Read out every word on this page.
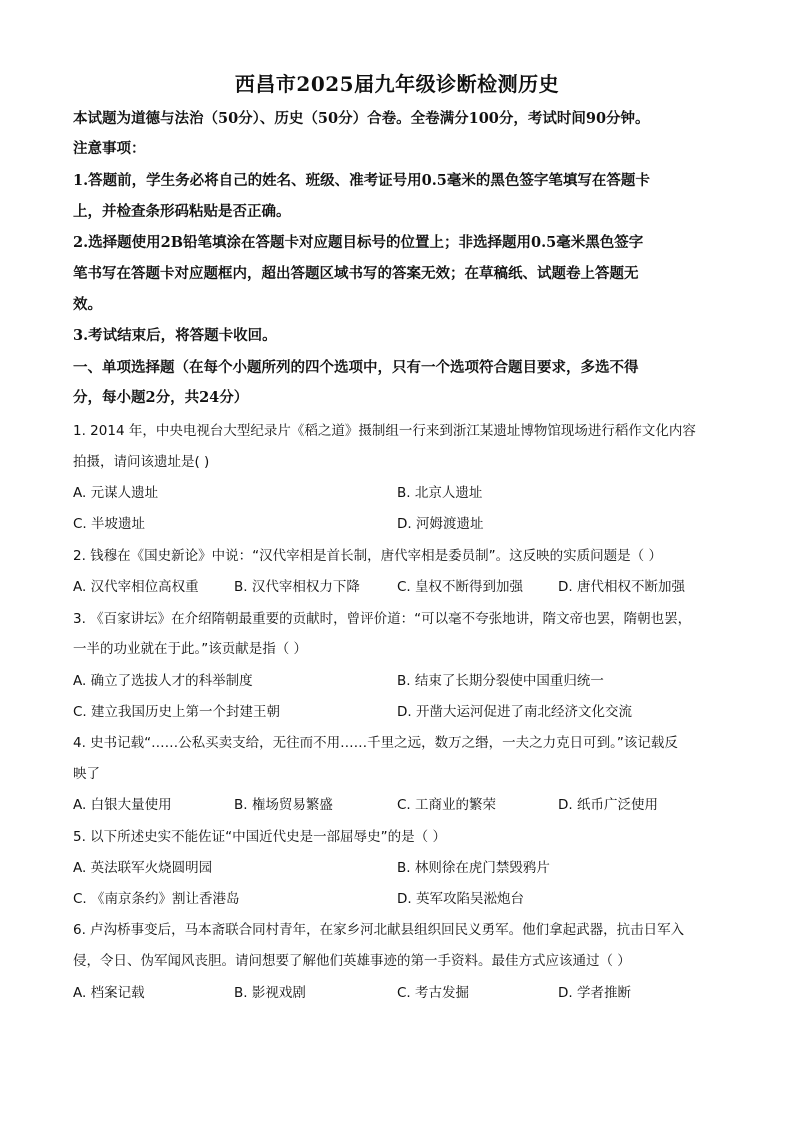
西昌市2025届九年级诊断检测历史
本试题为道德与法治（50分）、历史（50分）合卷。全卷满分100分，考试时间90分钟。
注意事项：
1.答题前，学生务必将自己的姓名、班级、准考证号用0.5毫米的黑色签字笔填写在答题卡
上，并检查条形码粘贴是否正确。
2.选择题使用2B铅笔填涂在答题卡对应题目标号的位置上；非选择题用0.5毫米黑色签字
笔书写在答题卡对应题框内，超出答题区域书写的答案无效；在草稿纸、试题卷上答题无
效。
3.考试结束后，将答题卡收回。
一、单项选择题（在每个小题所列的四个选项中，只有一个选项符合题目要求，多选不得
分，每小题2分，共24分）
1. 2014 年，中央电视台大型纪录片《稻之道》摄制组一行来到浙江某遗址博物馆现场进行稻作文化内容
拍摄，请问该遗址是( )
A. 元谋人遗址	B. 北京人遗址
C. 半坡遗址	D. 河姆渡遗址
2. 钱穆在《国史新论》中说：“汉代宰相是首长制，唐代宰相是委员制”。这反映的实质问题是（ ）
A. 汉代宰相位高权重	B. 汉代宰相权力下降	C. 皇权不断得到加强	D. 唐代相权不断加强
3. 《百家讲坛》在介绍隋朝最重要的贡献时，曾评价道：“可以毫不夸张地讲，隋文帝也罢，隋朝也罢，
一半的功业就在于此。”该贡献是指（ ）
A. 确立了选拔人才的科举制度	B. 结束了长期分裂使中国重归统一
C. 建立我国历史上第一个封建王朝	D. 开凿大运河促进了南北经济文化交流
4. 史书记载“……公私买卖支给，无往而不用……千里之远，数万之缗，一夫之力克日可到。”该记载反
映了
A. 白银大量使用	B. 権场贸易繁盛	C. 工商业的繁荣	D. 纸币广泛使用
5. 以下所述史实不能佐证“中国近代史是一部屈辱史”的是（ ）
A. 英法联军火烧圆明园	B. 林则徐在虎门禁毁鸦片
C. 《南京条约》割让香港岛	D. 英军攻陷吴淞炮台
6. 卢沟桥事变后，马本斋联合同村青年，在家乡河北献县组织回民义勇军。他们拿起武器，抗击日军入
侵，令日、伪军闻风丧胆。请问想要了解他们英雄事迹的第一手资料。最佳方式应该通过（ ）
A. 档案记载	B. 影视戏剧	C. 考古发掘	D. 学者推断
